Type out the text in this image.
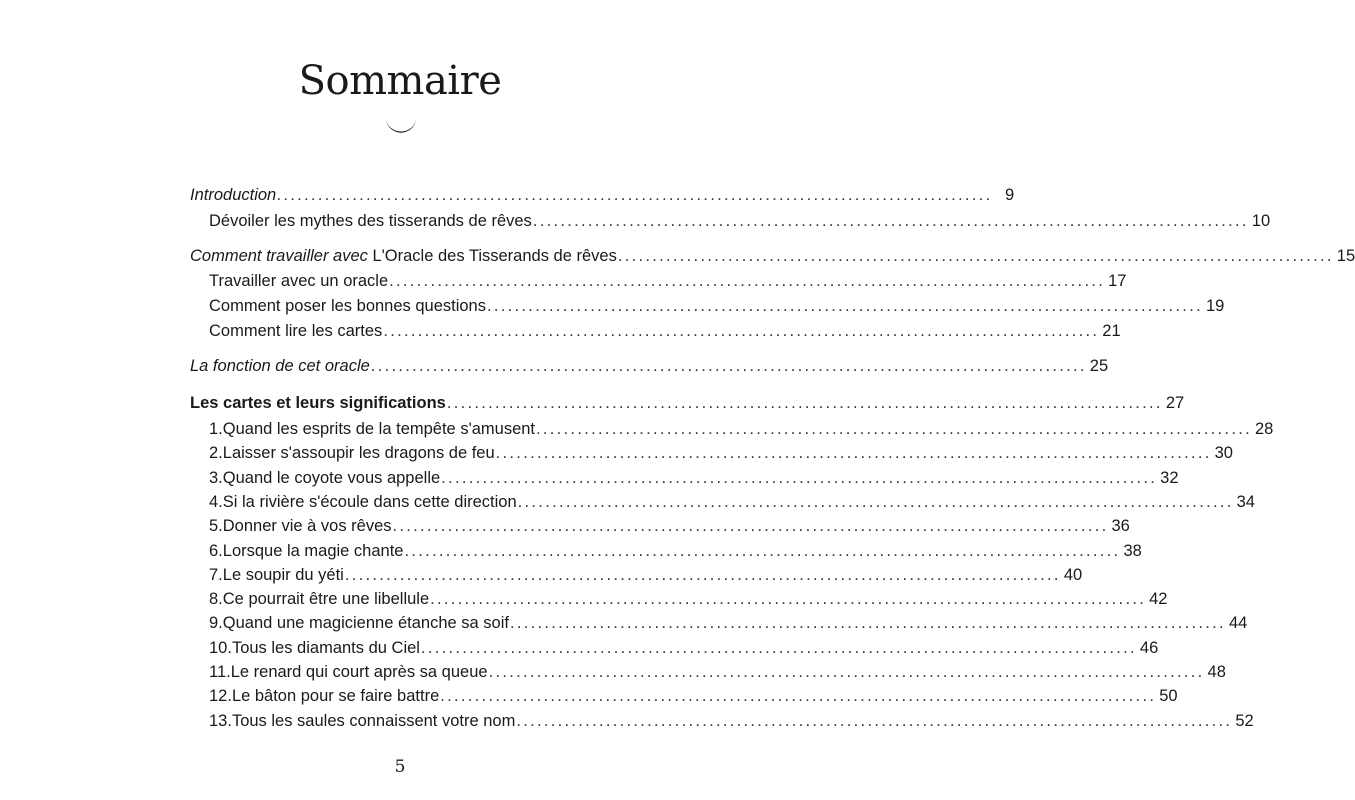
Sommaire
Introduction .....	9
Dévoiler les mythes des tisserands de rêves .....	10
Comment travailler avec L'Oracle des Tisserands de rêves .....	15
Travailler avec un oracle .....	17
Comment poser les bonnes questions .....	19
Comment lire les cartes .....	21
La fonction de cet oracle .....	25
Les cartes et leurs significations .....	27
1. Quand les esprits de la tempête s'amusent .....	28
2. Laisser s'assoupir les dragons de feu .....	30
3. Quand le coyote vous appelle .....	32
4. Si la rivière s'écoule dans cette direction .....	34
5. Donner vie à vos rêves .....	36
6. Lorsque la magie chante .....	38
7. Le soupir du yéti .....	40
8. Ce pourrait être une libellule .....	42
9. Quand une magicienne étanche sa soif .....	44
10. Tous les diamants du Ciel .....	46
11. Le renard qui court après sa queue .....	48
12. Le bâton pour se faire battre .....	50
13. Tous les saules connaissent votre nom .....	52
5
